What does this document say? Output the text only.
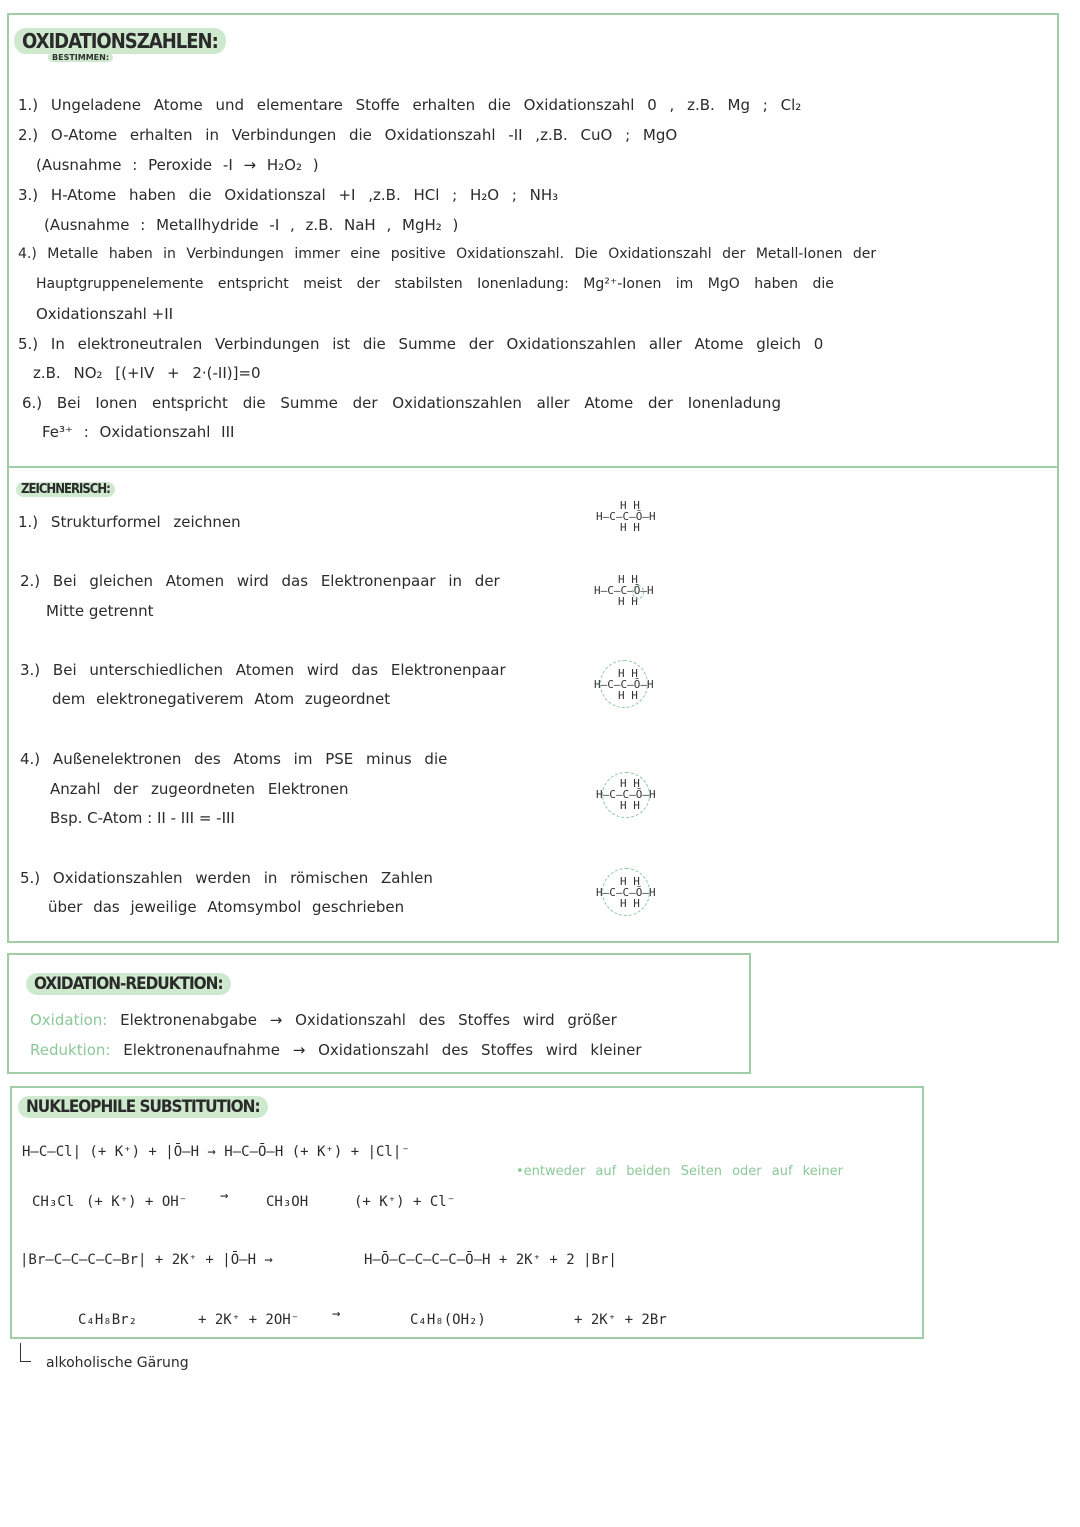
OXIDATIONSZAHLEN:
BESTIMMEN:
1.) Ungeladene Atome und elementare Stoffe erhalten die Oxidationszahl 0 , z.B. Mg ; Cl₂
2.) O-Atome erhalten in Verbindungen die Oxidationszahl -II ,z.B. CuO ; MgO
(Ausnahme : Peroxide -I → H₂O₂ )
3.) H-Atome haben die Oxidationszal +I ,z.B. HCl ; H₂O ; NH₃
(Ausnahme : Metallhydride -I , z.B. NaH , MgH₂ )
4.) Metalle haben in Verbindungen immer eine positive Oxidationszahl. Die Oxidationszahl der Metall-Ionen der
Hauptgruppenelemente entspricht meist der stabilsten Ionenladung: Mg²⁺-Ionen im MgO haben die
Oxidationszahl +II
5.) In elektroneutralen Verbindungen ist die Summe der Oxidationszahlen aller Atome gleich 0
z.B. NO₂ [(+IV + 2·(-II)]=0
6.) Bei Ionen entspricht die Summe der Oxidationszahlen aller Atome der Ionenladung
Fe³⁺ : Oxidationszahl III
ZEICHNERISCH:
1.) Strukturformel zeichnen
2.) Bei gleichen Atomen wird das Elektronenpaar in der
Mitte getrennt
3.) Bei unterschiedlichen Atomen wird das Elektronenpaar
dem elektronegativerem Atom zugeordnet
4.) Außenelektronen des Atoms im PSE minus die
Anzahl der zugeordneten Elektronen
Bsp. C-Atom : II - III = -III
5.) Oxidationszahlen werden in römischen Zahlen
über das jeweilige Atomsymbol geschrieben

H H
H–C–C–Ō–H
H H

H H
H–C–C–Ō–H
H H

H H
H–C–C–Ō–H
H H

H H
H–C–C–Ō–H
H H

H H
H–C–C–Ō–H
H H

OXIDATION-REDUKTION:
Oxidation: Elektronenabgabe → Oxidationszahl des Stoffes wird größer
Reduktion: Elektronenaufnahme → Oxidationszahl des Stoffes wird kleiner
NUKLEOPHILE SUBSTITUTION:
H–C–Cl| (+ K⁺) + |Ō–H → H–C–Ō–H (+ K⁺) + |Cl|⁻
•entweder auf beiden Seiten oder auf keiner
CH₃Cl (+ K⁺) + OH⁻ →	CH₃OH	(+ K⁺) + Cl⁻
|Br–C–C–C–C–Br| + 2K⁺ + |Ō–H →	H–Ō–C–C–C–C–Ō–H + 2K⁺ + 2 |Br|
C₄H₈Br₂	+ 2K⁺ + 2OH⁻ →	C₄H₈(OH₂)	+ 2K⁺ + 2Br
alkoholische Gärung
